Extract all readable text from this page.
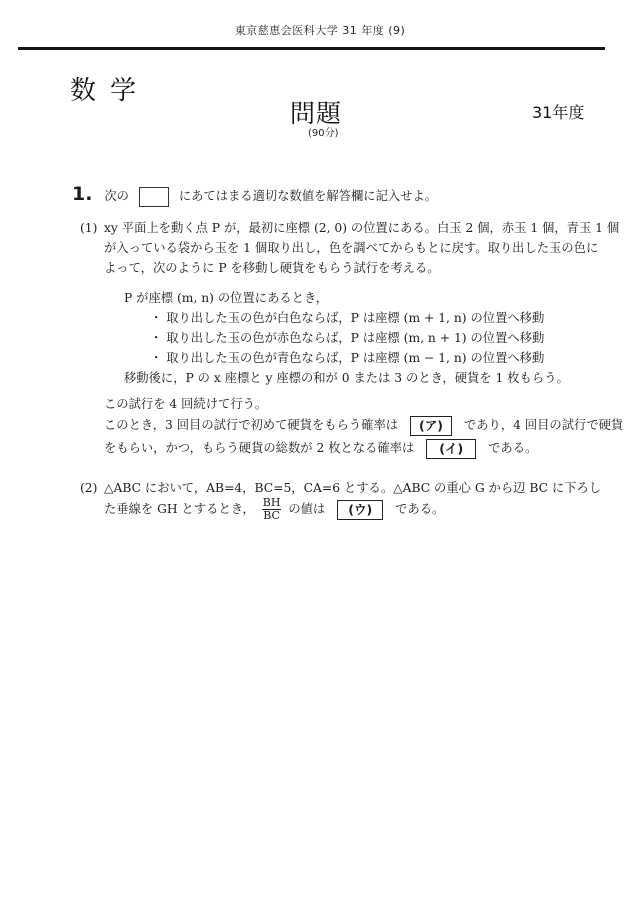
東京慈恵会医科大学 31 年度 (9)
数学
問題
(90分)
31年度
1. 次の	にあてはまる適切な数値を解答欄に記入せよ。
(1) xy 平面上を動く点 P が，最初に座標 (2, 0) の位置にある。白玉 2 個，赤玉 1 個，青玉 1 個
が入っている袋から玉を 1 個取り出し，色を調べてからもとに戻す。取り出した玉の色に
よって，次のように P を移動し硬貨をもらう試行を考える。
P が座標 (m, n) の位置にあるとき，
・ 取り出した玉の色が白色ならば，P は座標 (m + 1, n) の位置へ移動
・ 取り出した玉の色が赤色ならば，P は座標 (m, n + 1) の位置へ移動
・ 取り出した玉の色が青色ならば，P は座標 (m − 1, n) の位置へ移動
移動後に，P の x 座標と y 座標の和が 0 または 3 のとき，硬貨を 1 枚もらう。
この試行を 4 回続けて行う。
このとき，3 回目の試行で初めて硬貨をもらう確率は (ア) であり，4 回目の試行で硬貨
をもらい，かつ，もらう硬貨の総数が 2 枚となる確率は (イ) である。
(2) △ABC において，AB=4，BC=5，CA=6 とする。△ABC の重心 G から辺 BC に下ろし
た垂線を GH とするとき， $\frac{BH}{BC}$ の値は (ウ) である。
